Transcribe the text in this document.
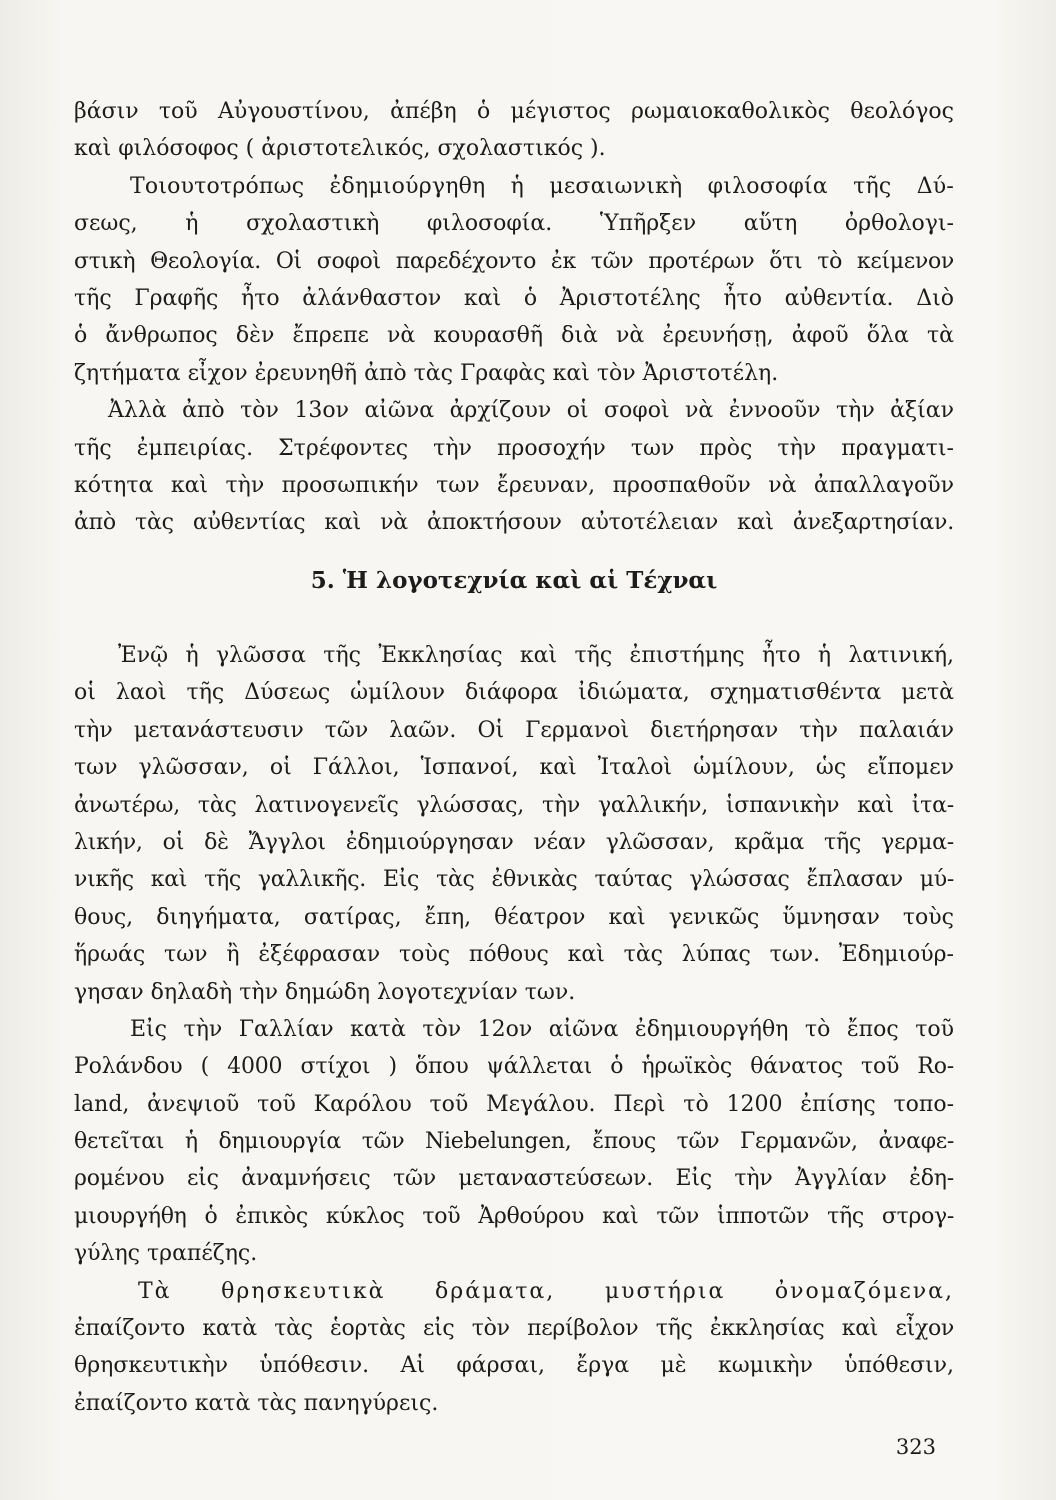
βάσιν τοῦ Αὐγουστίνου, ἀπέβη ὁ μέγιστος ρωμαιοκαθολικὸς θεολόγος
καὶ φιλόσοφος ( ἀριστοτελικός, σχολαστικός ).
Τοιουτοτρόπως ἐδημιούργηθη ἡ μεσαιωνικὴ φιλοσοφία τῆς Δύ-
σεως, ἡ σχολαστικὴ φιλοσοφία. Ὑπῆρξεν αὕτη ὀρθολογι-
στικὴ Θεολογία. Οἱ σοφοὶ παρεδέχοντο ἐκ τῶν προτέρων ὅτι τὸ κείμενον
τῆς Γραφῆς ἦτο ἀλάνθαστον καὶ ὁ Ἀριστοτέλης ἦτο αὐθεντία. Διὸ
ὁ ἄνθρωπος δὲν ἔπρεπε νὰ κουρασθῆ διὰ νὰ ἐρευνήσῃ, ἀφοῦ ὅλα τὰ
ζητήματα εἶχον ἐρευνηθῆ ἀπὸ τὰς Γραφὰς καὶ τὸν Ἀριστοτέλη.
Ἀλλὰ ἀπὸ τὸν 13ον αἰῶνα ἀρχίζουν οἱ σοφοὶ νὰ ἐννοοῦν τὴν ἀξίαν
τῆς ἐμπειρίας. Στρέφοντες τὴν προσοχήν των πρὸς τὴν πραγματι-
κότητα καὶ τὴν προσωπικήν των ἔρευναν, προσπαθοῦν νὰ ἀπαλλαγοῦν
ἀπὸ τὰς αὐθεντίας καὶ νὰ ἀποκτήσουν αὐτοτέλειαν καὶ ἀνεξαρτησίαν.
5. Ἡ λογοτεχνία καὶ αἱ Τέχναι
Ἐνῷ ἡ γλῶσσα τῆς Ἐκκλησίας καὶ τῆς ἐπιστήμης ἦτο ἡ λατινική,
οἱ λαοὶ τῆς Δύσεως ὡμίλουν διάφορα ἰδιώματα, σχηματισθέντα μετὰ
τὴν μετανάστευσιν τῶν λαῶν. Οἱ Γερμανοὶ διετήρησαν τὴν παλαιάν
των γλῶσσαν, οἱ Γάλλοι, Ἱσπανοί, καὶ Ἰταλοὶ ὡμίλουν, ὡς εἴπομεν
ἀνωτέρω, τὰς λατινογενεῖς γλώσσας, τὴν γαλλικήν, ἱσπανικὴν καὶ ἰτα-
λικήν, οἱ δὲ Ἄγγλοι ἐδημιούργησαν νέαν γλῶσσαν, κρᾶμα τῆς γερμα-
νικῆς καὶ τῆς γαλλικῆς. Εἰς τὰς ἐθνικὰς ταύτας γλώσσας ἔπλασαν μύ-
θους, διηγήματα, σατίρας, ἔπη, θέατρον καὶ γενικῶς ὕμνησαν τοὺς
ἥρωάς των ἢ ἐξέφρασαν τοὺς πόθους καὶ τὰς λύπας των. Ἐδημιούρ-
γησαν δηλαδὴ τὴν δημώδη λογοτεχνίαν των.
Εἰς τὴν Γαλλίαν κατὰ τὸν 12ον αἰῶνα ἐδημιουργήθη τὸ ἔπος τοῦ
Ρολάνδου ( 4000 στίχοι ) ὅπου ψάλλεται ὁ ἡρωϊκὸς θάνατος τοῦ Ro-
land, ἀνεψιοῦ τοῦ Καρόλου τοῦ Μεγάλου. Περὶ τὸ 1200 ἐπίσης τοπο-
θετεῖται ἡ δημιουργία τῶν Niebelungen, ἔπους τῶν Γερμανῶν, ἀναφε-
ρομένου εἰς ἀναμνήσεις τῶν μεταναστεύσεων. Εἰς τὴν Ἀγγλίαν ἐδη-
μιουργήθη ὁ ἐπικὸς κύκλος τοῦ Ἀρθούρου καὶ τῶν ἱπποτῶν τῆς στρογ-
γύλης τραπέζης.
Τὰ θρησκευτικὰ δράματα, μυστήρια ὀνομαζόμενα,
ἐπαίζοντο κατὰ τὰς ἑορτὰς εἰς τὸν περίβολον τῆς ἐκκλησίας καὶ εἶχον
θρησκευτικὴν ὑπόθεσιν. Αἱ φάρσαι, ἔργα μὲ κωμικὴν ὑπόθεσιν,
ἐπαίζοντο κατὰ τὰς πανηγύρεις.
323
